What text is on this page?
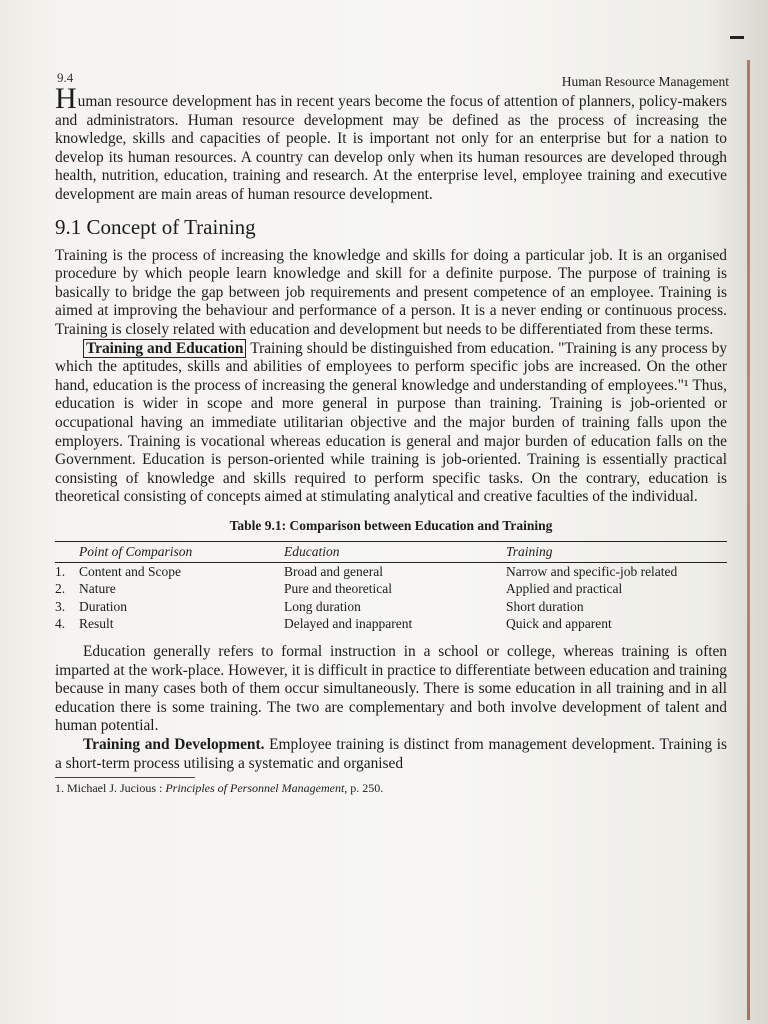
9.4	Human Resource Management

Human resource development has in recent years become the focus of attention of planners, policy-makers and administrators. Human resource development may be defined as the process of increasing the knowledge, skills and capacities of people. It is important not only for an enterprise but for a nation to develop its human resources. A country can develop only when its human resources are developed through health, nutrition, education, training and research. At the enterprise level, employee training and executive development are main areas of human resource development.

9.1 Concept of Training

Training is the process of increasing the knowledge and skills for doing a particular job. It is an organised procedure by which people learn knowledge and skill for a definite purpose. The purpose of training is basically to bridge the gap between job requirements and present competence of an employee. Training is aimed at improving the behaviour and performance of a person. It is a never ending or continuous process. Training is closely related with education and development but needs to be differentiated from these terms.

Training and Education Training should be distinguished from education. "Training is any process by which the aptitudes, skills and abilities of employees to perform specific jobs are increased. On the other hand, education is the process of increasing the general knowledge and understanding of employees."¹ Thus, education is wider in scope and more general in purpose than training. Training is job-oriented or occupational having an immediate utilitarian objective and the major burden of training falls upon the employers. Training is vocational whereas education is general and major burden of education falls on the Government. Education is person-oriented while training is job-oriented. Training is essentially practical consisting of knowledge and skills required to perform specific tasks. On the contrary, education is theoretical consisting of concepts aimed at stimulating analytical and creative faculties of the individual.

Table 9.1: Comparison between Education and Training

	Point of Comparison	Education	Training
1.	Content and Scope	Broad and general	Narrow and specific-job related
2.	Nature	Pure and theoretical	Applied and practical
3.	Duration	Long duration	Short duration
4.	Result	Delayed and inapparent	Quick and apparent

Education generally refers to formal instruction in a school or college, whereas training is often imparted at the work-place. However, it is difficult in practice to differentiate between education and training because in many cases both of them occur simultaneously. There is some education in all training and in all education there is some training. The two are complementary and both involve development of talent and human potential.

Training and Development. Employee training is distinct from management development. Training is a short-term process utilising a systematic and organised

1. Michael J. Jucious : Principles of Personnel Management, p. 250.
